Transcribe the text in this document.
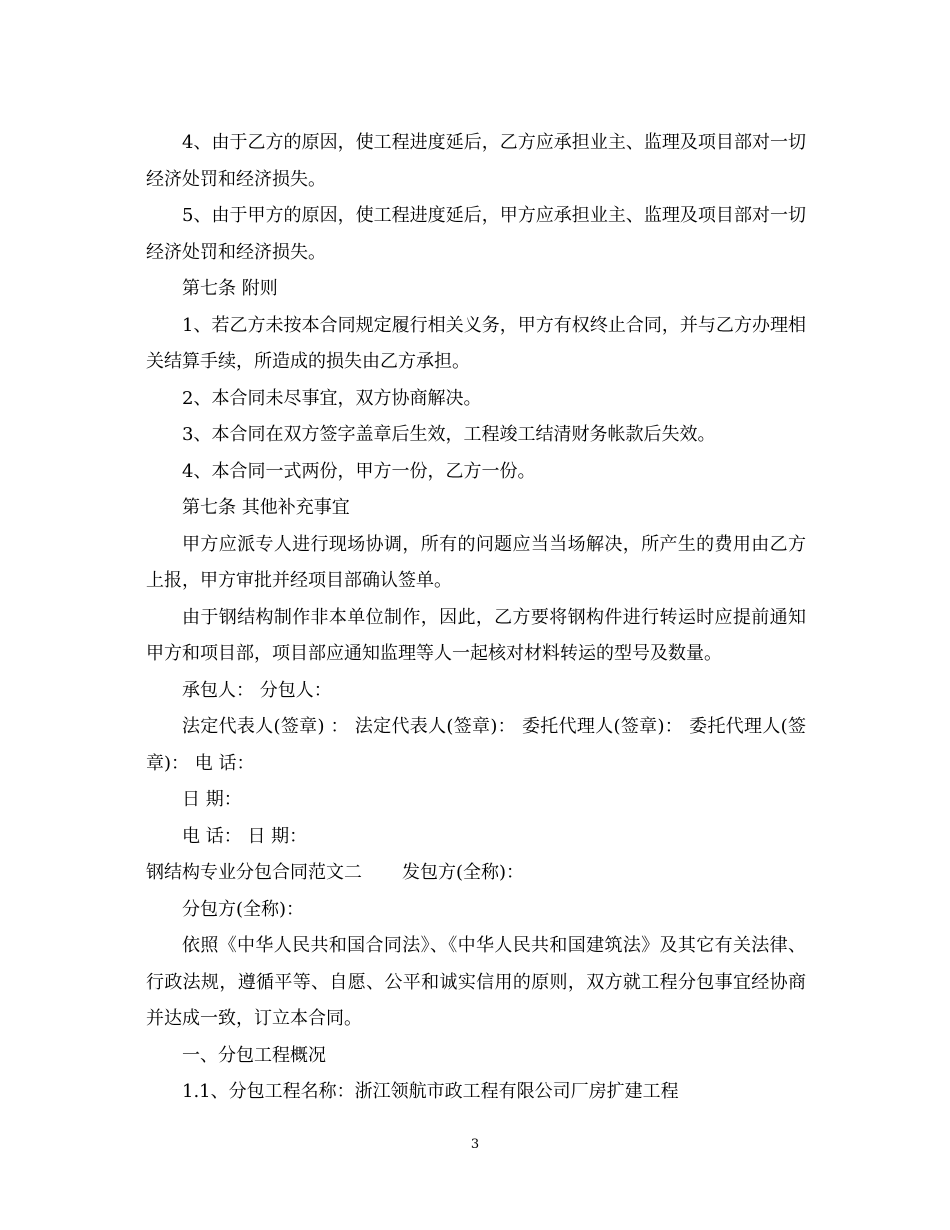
4、由于乙方的原因，使工程进度延后，乙方应承担业主、监理及项目部对一切经济处罚和经济损失。

5、由于甲方的原因，使工程进度延后，甲方应承担业主、监理及项目部对一切经济处罚和经济损失。

第七条 附则

1、若乙方未按本合同规定履行相关义务，甲方有权终止合同，并与乙方办理相关结算手续，所造成的损失由乙方承担。

2、本合同未尽事宜，双方协商解决。

3、本合同在双方签字盖章后生效，工程竣工结清财务帐款后失效。

4、本合同一式两份，甲方一份，乙方一份。

第七条 其他补充事宜

甲方应派专人进行现场协调，所有的问题应当当场解决，所产生的费用由乙方上报，甲方审批并经项目部确认签单。

由于钢结构制作非本单位制作，因此，乙方要将钢构件进行转运时应提前通知甲方和项目部，项目部应通知监理等人一起核对材料转运的型号及数量。

承包人： 分包人：

法定代表人(签章) ： 法定代表人(签章)： 委托代理人(签章)： 委托代理人(签章)： 电 话：

日 期：

电 话： 日 期：

钢结构专业分包合同范文二 发包方(全称)：

分包方(全称)：

依照《中华人民共和国合同法》、《中华人民共和国建筑法》及其它有关法律、行政法规，遵循平等、自愿、公平和诚实信用的原则，双方就工程分包事宜经协商并达成一致，订立本合同。

一、分包工程概况

1.1、分包工程名称：浙江领航市政工程有限公司厂房扩建工程

3
